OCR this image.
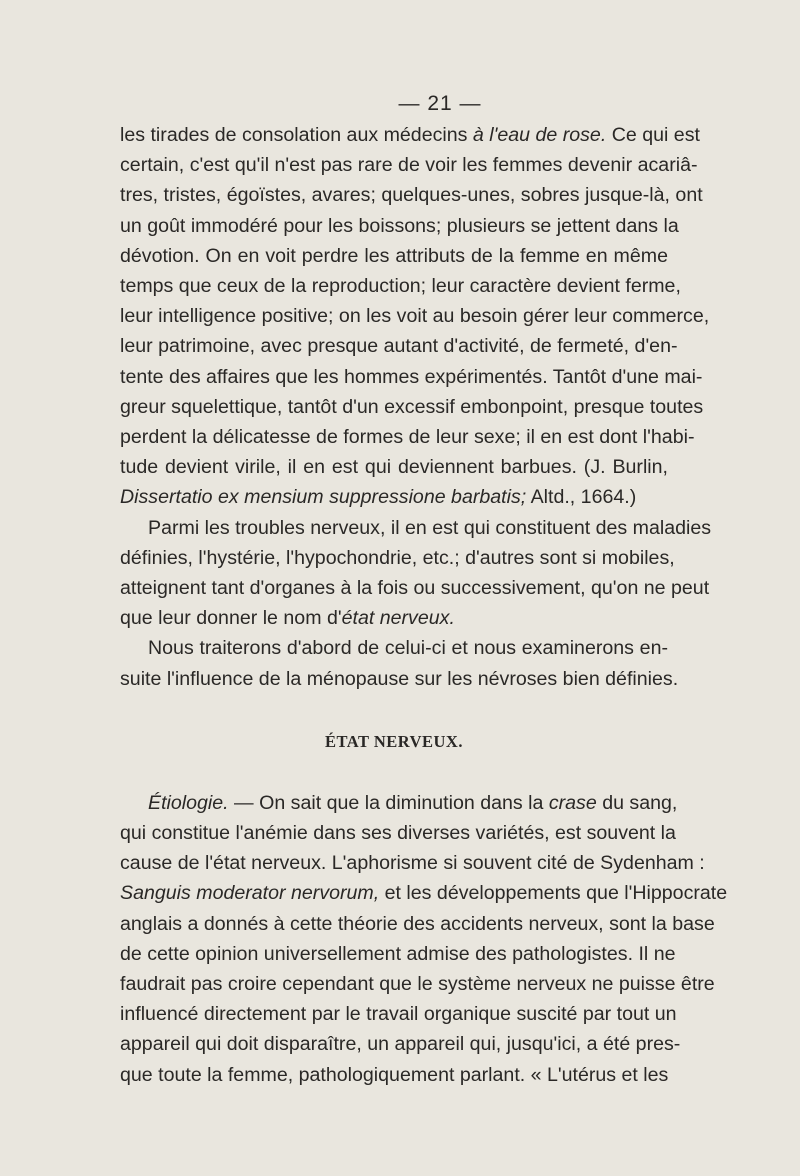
— 21 —
les tirades de consolation aux médecins à l'eau de rose. Ce qui est
certain, c'est qu'il n'est pas rare de voir les femmes devenir acariâ-
tres, tristes, égoïstes, avares; quelques-unes, sobres jusque-là, ont
un goût immodéré pour les boissons; plusieurs se jettent dans la
dévotion. On en voit perdre les attributs de la femme en même
temps que ceux de la reproduction; leur caractère devient ferme,
leur intelligence positive; on les voit au besoin gérer leur commerce,
leur patrimoine, avec presque autant d'activité, de fermeté, d'en-
tente des affaires que les hommes expérimentés. Tantôt d'une mai-
greur squelettique, tantôt d'un excessif embonpoint, presque toutes
perdent la délicatesse de formes de leur sexe; il en est dont l'habi-
tude devient virile, il en est qui deviennent barbues. (J. Burlin,
Dissertatio ex mensium suppressione barbatis; Altd., 1664.)
Parmi les troubles nerveux, il en est qui constituent des maladies
définies, l'hystérie, l'hypochondrie, etc.; d'autres sont si mobiles,
atteignent tant d'organes à la fois ou successivement, qu'on ne peut
que leur donner le nom d'état nerveux.
Nous traiterons d'abord de celui-ci et nous examinerons en-
suite l'influence de la ménopause sur les névroses bien définies.
ÉTAT NERVEUX.
Étiologie. — On sait que la diminution dans la crase du sang,
qui constitue l'anémie dans ses diverses variétés, est souvent la
cause de l'état nerveux. L'aphorisme si souvent cité de Sydenham :
Sanguis moderator nervorum, et les développements que l'Hippocrate
anglais a donnés à cette théorie des accidents nerveux, sont la base
de cette opinion universellement admise des pathologistes. Il ne
faudrait pas croire cependant que le système nerveux ne puisse être
influencé directement par le travail organique suscité par tout un
appareil qui doit disparaître, un appareil qui, jusqu'ici, a été pres-
que toute la femme, pathologiquement parlant. « L'utérus et les
